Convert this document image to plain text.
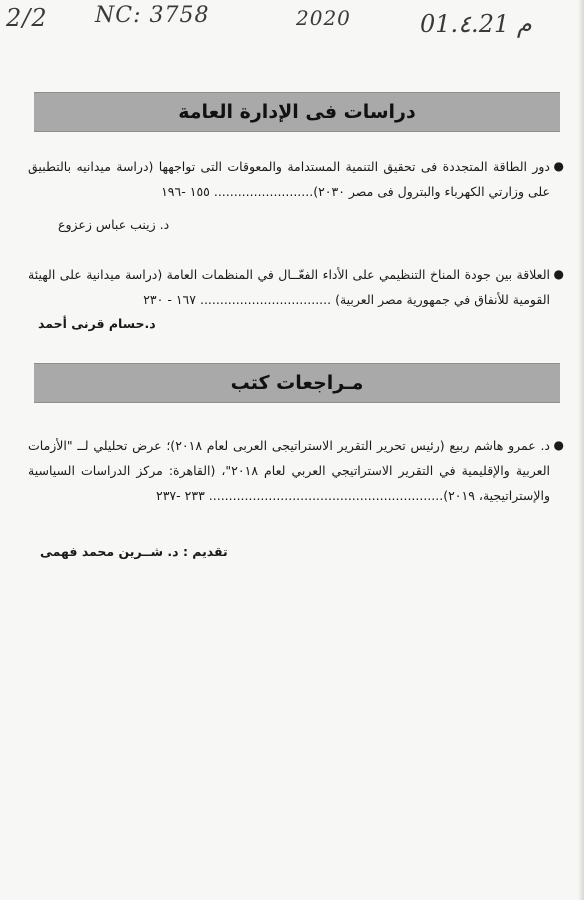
2/2 NC: 3758	2020	م 01.٤.21
دراسات فى الإدارة العامة
●
دور الطاقة المتجددة فى تحقيق التنمية المستدامة والمعوقات التى تواجهها (دراسة ميدانيه بالتطبيق على وزارتي الكهرباء والبترول فى مصر ٢٠٣٠)......................... ١٥٥ -١٩٦
د. زينب عباس زعزوع
●
العلاقة بين جودة المناخ التنظيمي على الأداء الفعّــال في المنظمات العامة (دراسة ميدانية على الهيئة القومية للأنفاق في جمهورية مصر العربية) ................................. ١٦٧ - ٢٣٠
د.حسام قرنى أحمد
مـراجعات كتب
●
د. عمرو هاشم ربيع (رئيس تحرير التقرير الاستراتيجى العربى لعام ٢٠١٨)؛ عرض تحليلي لــ "الأزمات العربية والإقليمية في التقرير الاستراتيجي العربي لعام ٢٠١٨"، (القاهرة: مركز الدراسات السياسية والإستراتيجية، ٢٠١٩)........................................................... ٢٣٣ -٢٣٧
تقديم : د. شــرين محمد فهمى
